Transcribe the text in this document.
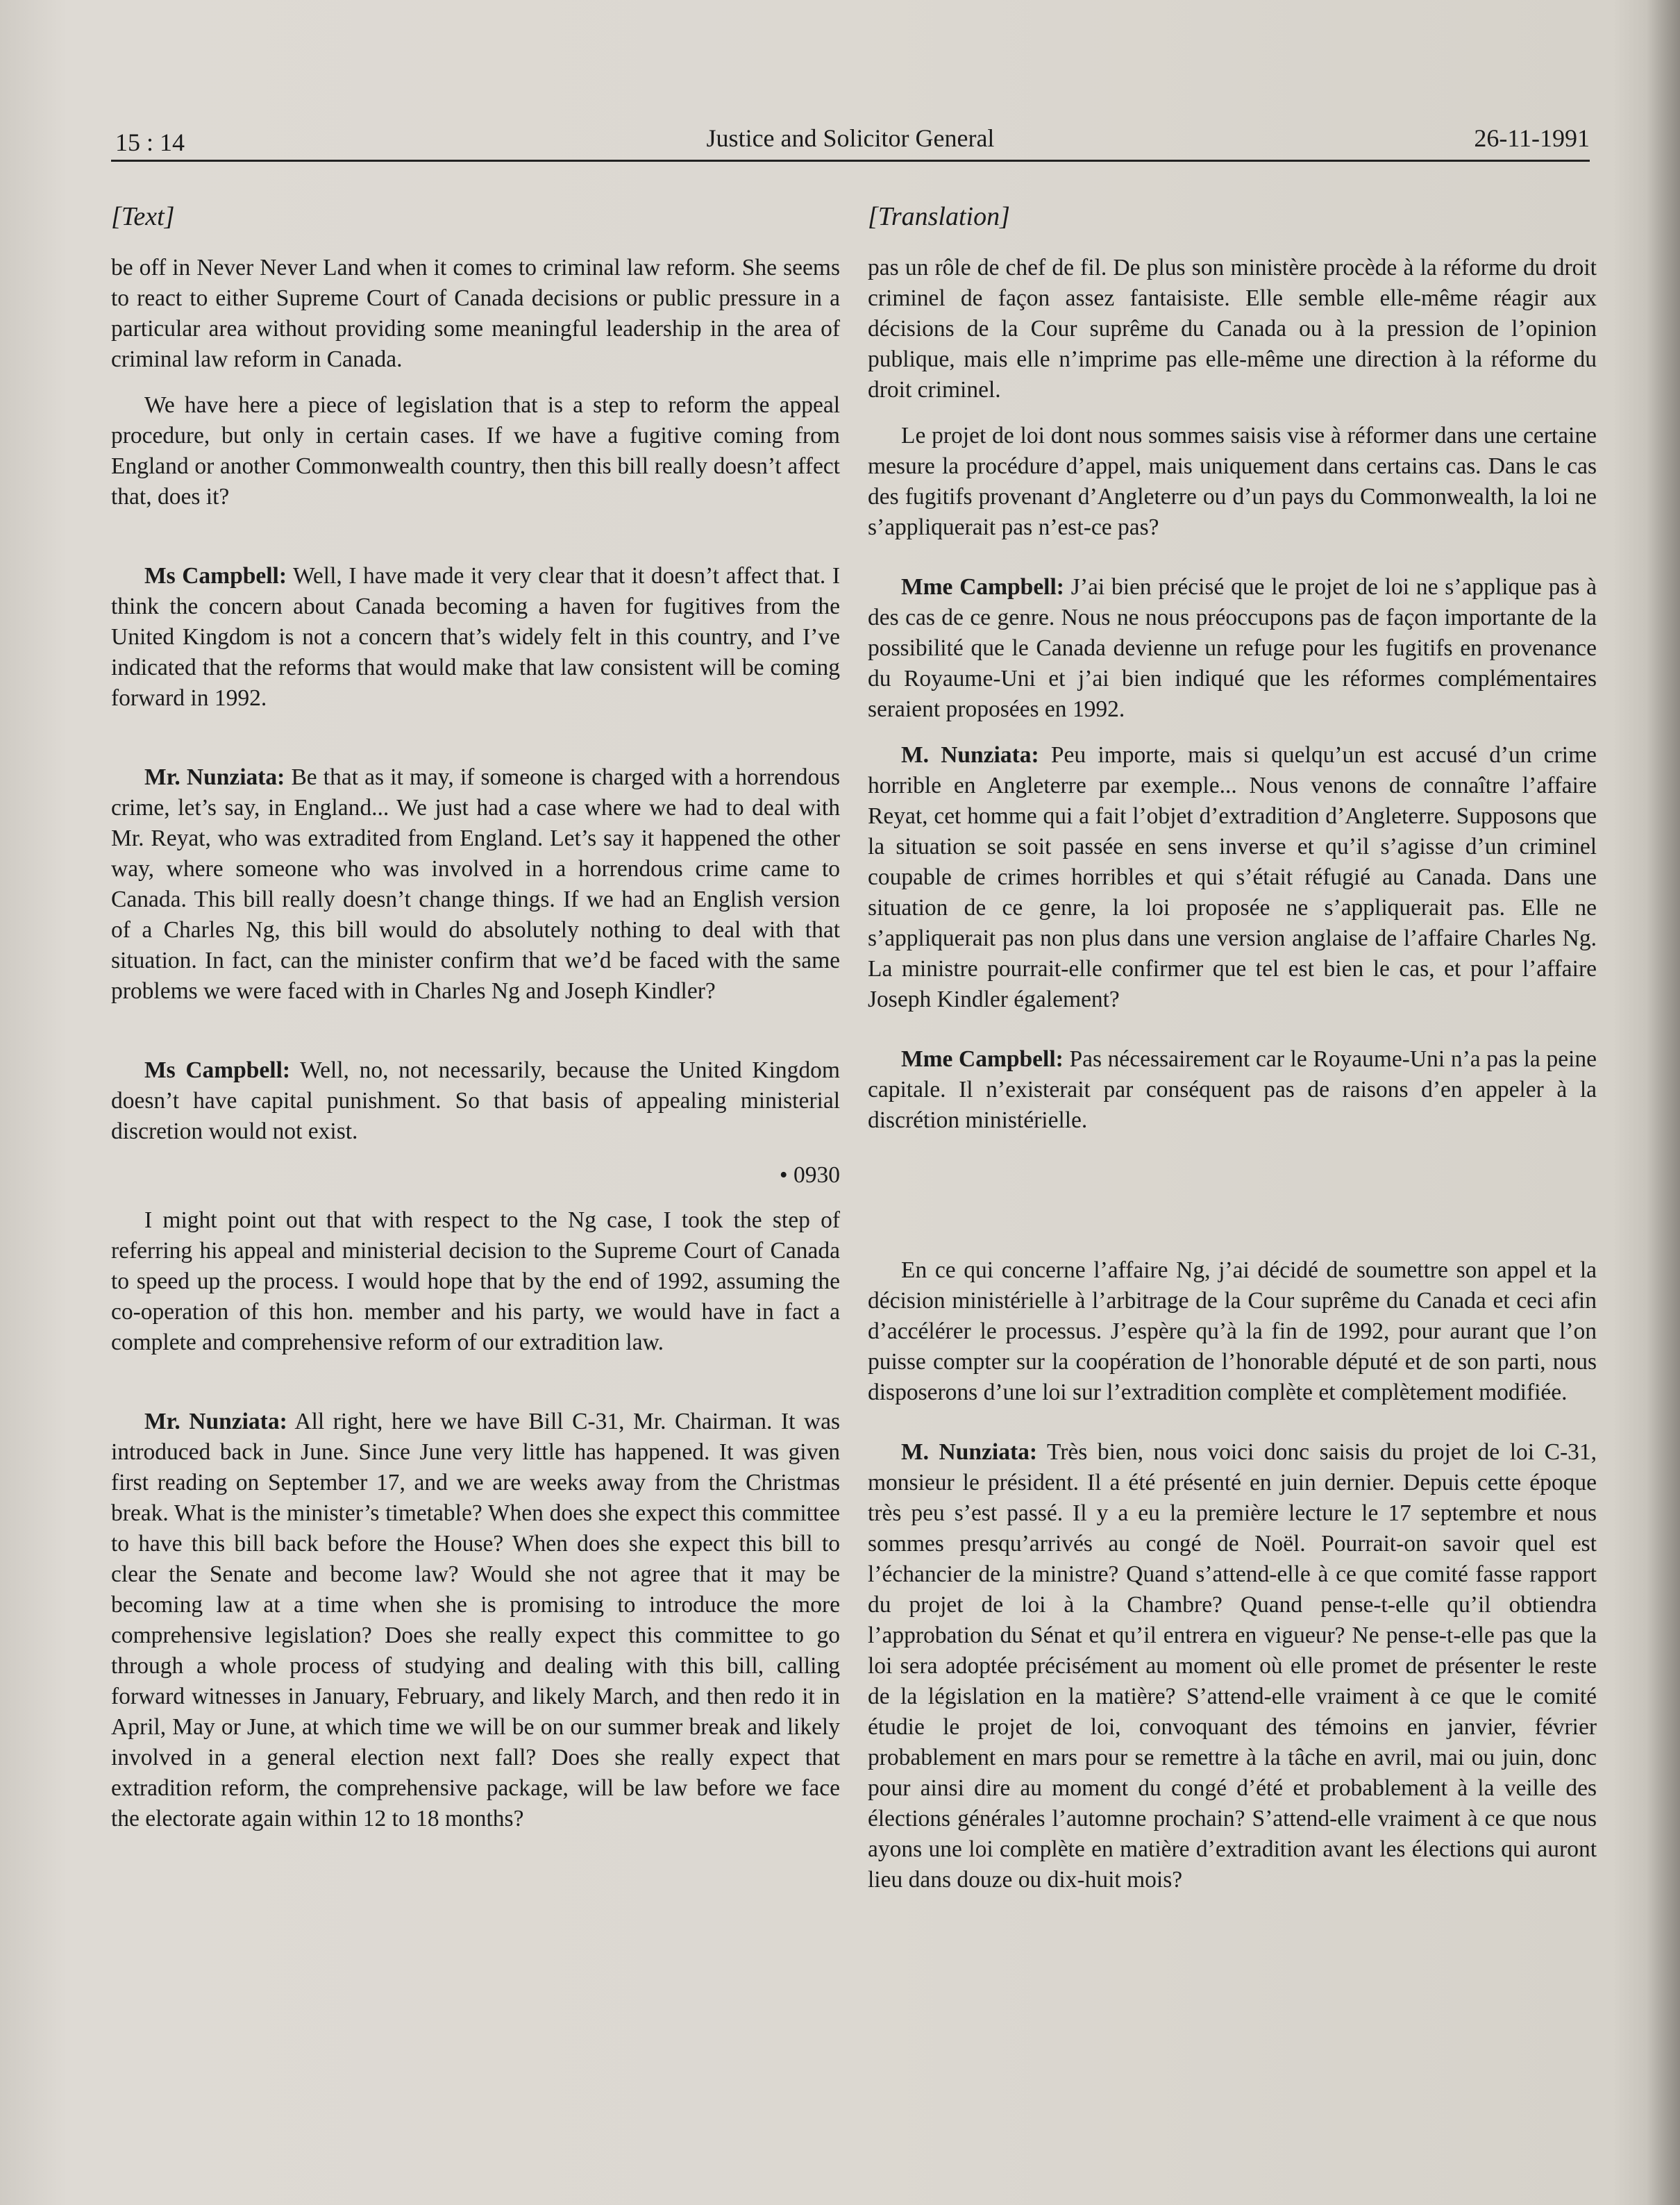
15 : 14	Justice and Solicitor General	26-11-1991
[Text]

be off in Never Never Land when it comes to criminal law reform. She seems to react to either Supreme Court of Canada decisions or public pressure in a particular area without providing some meaningful leadership in the area of criminal law reform in Canada.

We have here a piece of legislation that is a step to reform the appeal procedure, but only in certain cases. If we have a fugitive coming from England or another Commonwealth country, then this bill really doesn’t affect that, does it?

Ms Campbell: Well, I have made it very clear that it doesn’t affect that. I think the concern about Canada becoming a haven for fugitives from the United Kingdom is not a concern that’s widely felt in this country, and I’ve indicated that the reforms that would make that law consistent will be coming forward in 1992.

Mr. Nunziata: Be that as it may, if someone is charged with a horrendous crime, let’s say, in England... We just had a case where we had to deal with Mr. Reyat, who was extradited from England. Let’s say it happened the other way, where someone who was involved in a horrendous crime came to Canada. This bill really doesn’t change things. If we had an English version of a Charles Ng, this bill would do absolutely nothing to deal with that situation. In fact, can the minister confirm that we’d be faced with the same problems we were faced with in Charles Ng and Joseph Kindler?

Ms Campbell: Well, no, not necessarily, because the United Kingdom doesn’t have capital punishment. So that basis of appealing ministerial discretion would not exist.

• 0930

I might point out that with respect to the Ng case, I took the step of referring his appeal and ministerial decision to the Supreme Court of Canada to speed up the process. I would hope that by the end of 1992, assuming the co-operation of this hon. member and his party, we would have in fact a complete and comprehensive reform of our extradition law.

Mr. Nunziata: All right, here we have Bill C-31, Mr. Chairman. It was introduced back in June. Since June very little has happened. It was given first reading on September 17, and we are weeks away from the Christmas break. What is the minister’s timetable? When does she expect this committee to have this bill back before the House? When does she expect this bill to clear the Senate and become law? Would she not agree that it may be becoming law at a time when she is promising to introduce the more comprehensive legislation? Does she really expect this committee to go through a whole process of studying and dealing with this bill, calling forward witnesses in January, February, and likely March, and then redo it in April, May or June, at which time we will be on our summer break and likely involved in a general election next fall? Does she really expect that extradition reform, the comprehensive package, will be law before we face the electorate again within 12 to 18 months?

[Translation]

pas un rôle de chef de fil. De plus son ministère procède à la réforme du droit criminel de façon assez fantaisiste. Elle semble elle-même réagir aux décisions de la Cour suprême du Canada ou à la pression de l’opinion publique, mais elle n’imprime pas elle-même une direction à la réforme du droit criminel.

Le projet de loi dont nous sommes saisis vise à réformer dans une certaine mesure la procédure d’appel, mais uniquement dans certains cas. Dans le cas des fugitifs provenant d’Angleterre ou d’un pays du Commonwealth, la loi ne s’appliquerait pas n’est-ce pas?

Mme Campbell: J’ai bien précisé que le projet de loi ne s’applique pas à des cas de ce genre. Nous ne nous préoccupons pas de façon importante de la possibilité que le Canada devienne un refuge pour les fugitifs en provenance du Royaume-Uni et j’ai bien indiqué que les réformes complémentaires seraient proposées en 1992.

M. Nunziata: Peu importe, mais si quelqu’un est accusé d’un crime horrible en Angleterre par exemple... Nous venons de connaître l’affaire Reyat, cet homme qui a fait l’objet d’extradition d’Angleterre. Supposons que la situation se soit passée en sens inverse et qu’il s’agisse d’un criminel coupable de crimes horribles et qui s’était réfugié au Canada. Dans une situation de ce genre, la loi proposée ne s’appliquerait pas. Elle ne s’appliquerait pas non plus dans une version anglaise de l’affaire Charles Ng. La ministre pourrait-elle confirmer que tel est bien le cas, et pour l’affaire Joseph Kindler également?

Mme Campbell: Pas nécessairement car le Royaume-Uni n’a pas la peine capitale. Il n’existerait par conséquent pas de raisons d’en appeler à la discrétion ministérielle.

En ce qui concerne l’affaire Ng, j’ai décidé de soumettre son appel et la décision ministérielle à l’arbitrage de la Cour suprême du Canada et ceci afin d’accélérer le processus. J’espère qu’à la fin de 1992, pour aurant que l’on puisse compter sur la coopération de l’honorable député et de son parti, nous disposerons d’une loi sur l’extradition complète et complètement modifiée.

M. Nunziata: Très bien, nous voici donc saisis du projet de loi C-31, monsieur le président. Il a été présenté en juin dernier. Depuis cette époque très peu s’est passé. Il y a eu la première lecture le 17 septembre et nous sommes presqu’arrivés au congé de Noël. Pourrait-on savoir quel est l’échancier de la ministre? Quand s’attend-elle à ce que comité fasse rapport du projet de loi à la Chambre? Quand pense-t-elle qu’il obtiendra l’approbation du Sénat et qu’il entrera en vigueur? Ne pense-t-elle pas que la loi sera adoptée précisément au moment où elle promet de présenter le reste de la législation en la matière? S’attend-elle vraiment à ce que le comité étudie le projet de loi, convoquant des témoins en janvier, février probablement en mars pour se remettre à la tâche en avril, mai ou juin, donc pour ainsi dire au moment du congé d’été et probablement à la veille des élections générales l’automne prochain? S’attend-elle vraiment à ce que nous ayons une loi complète en matière d’extradition avant les élections qui auront lieu dans douze ou dix-huit mois?
